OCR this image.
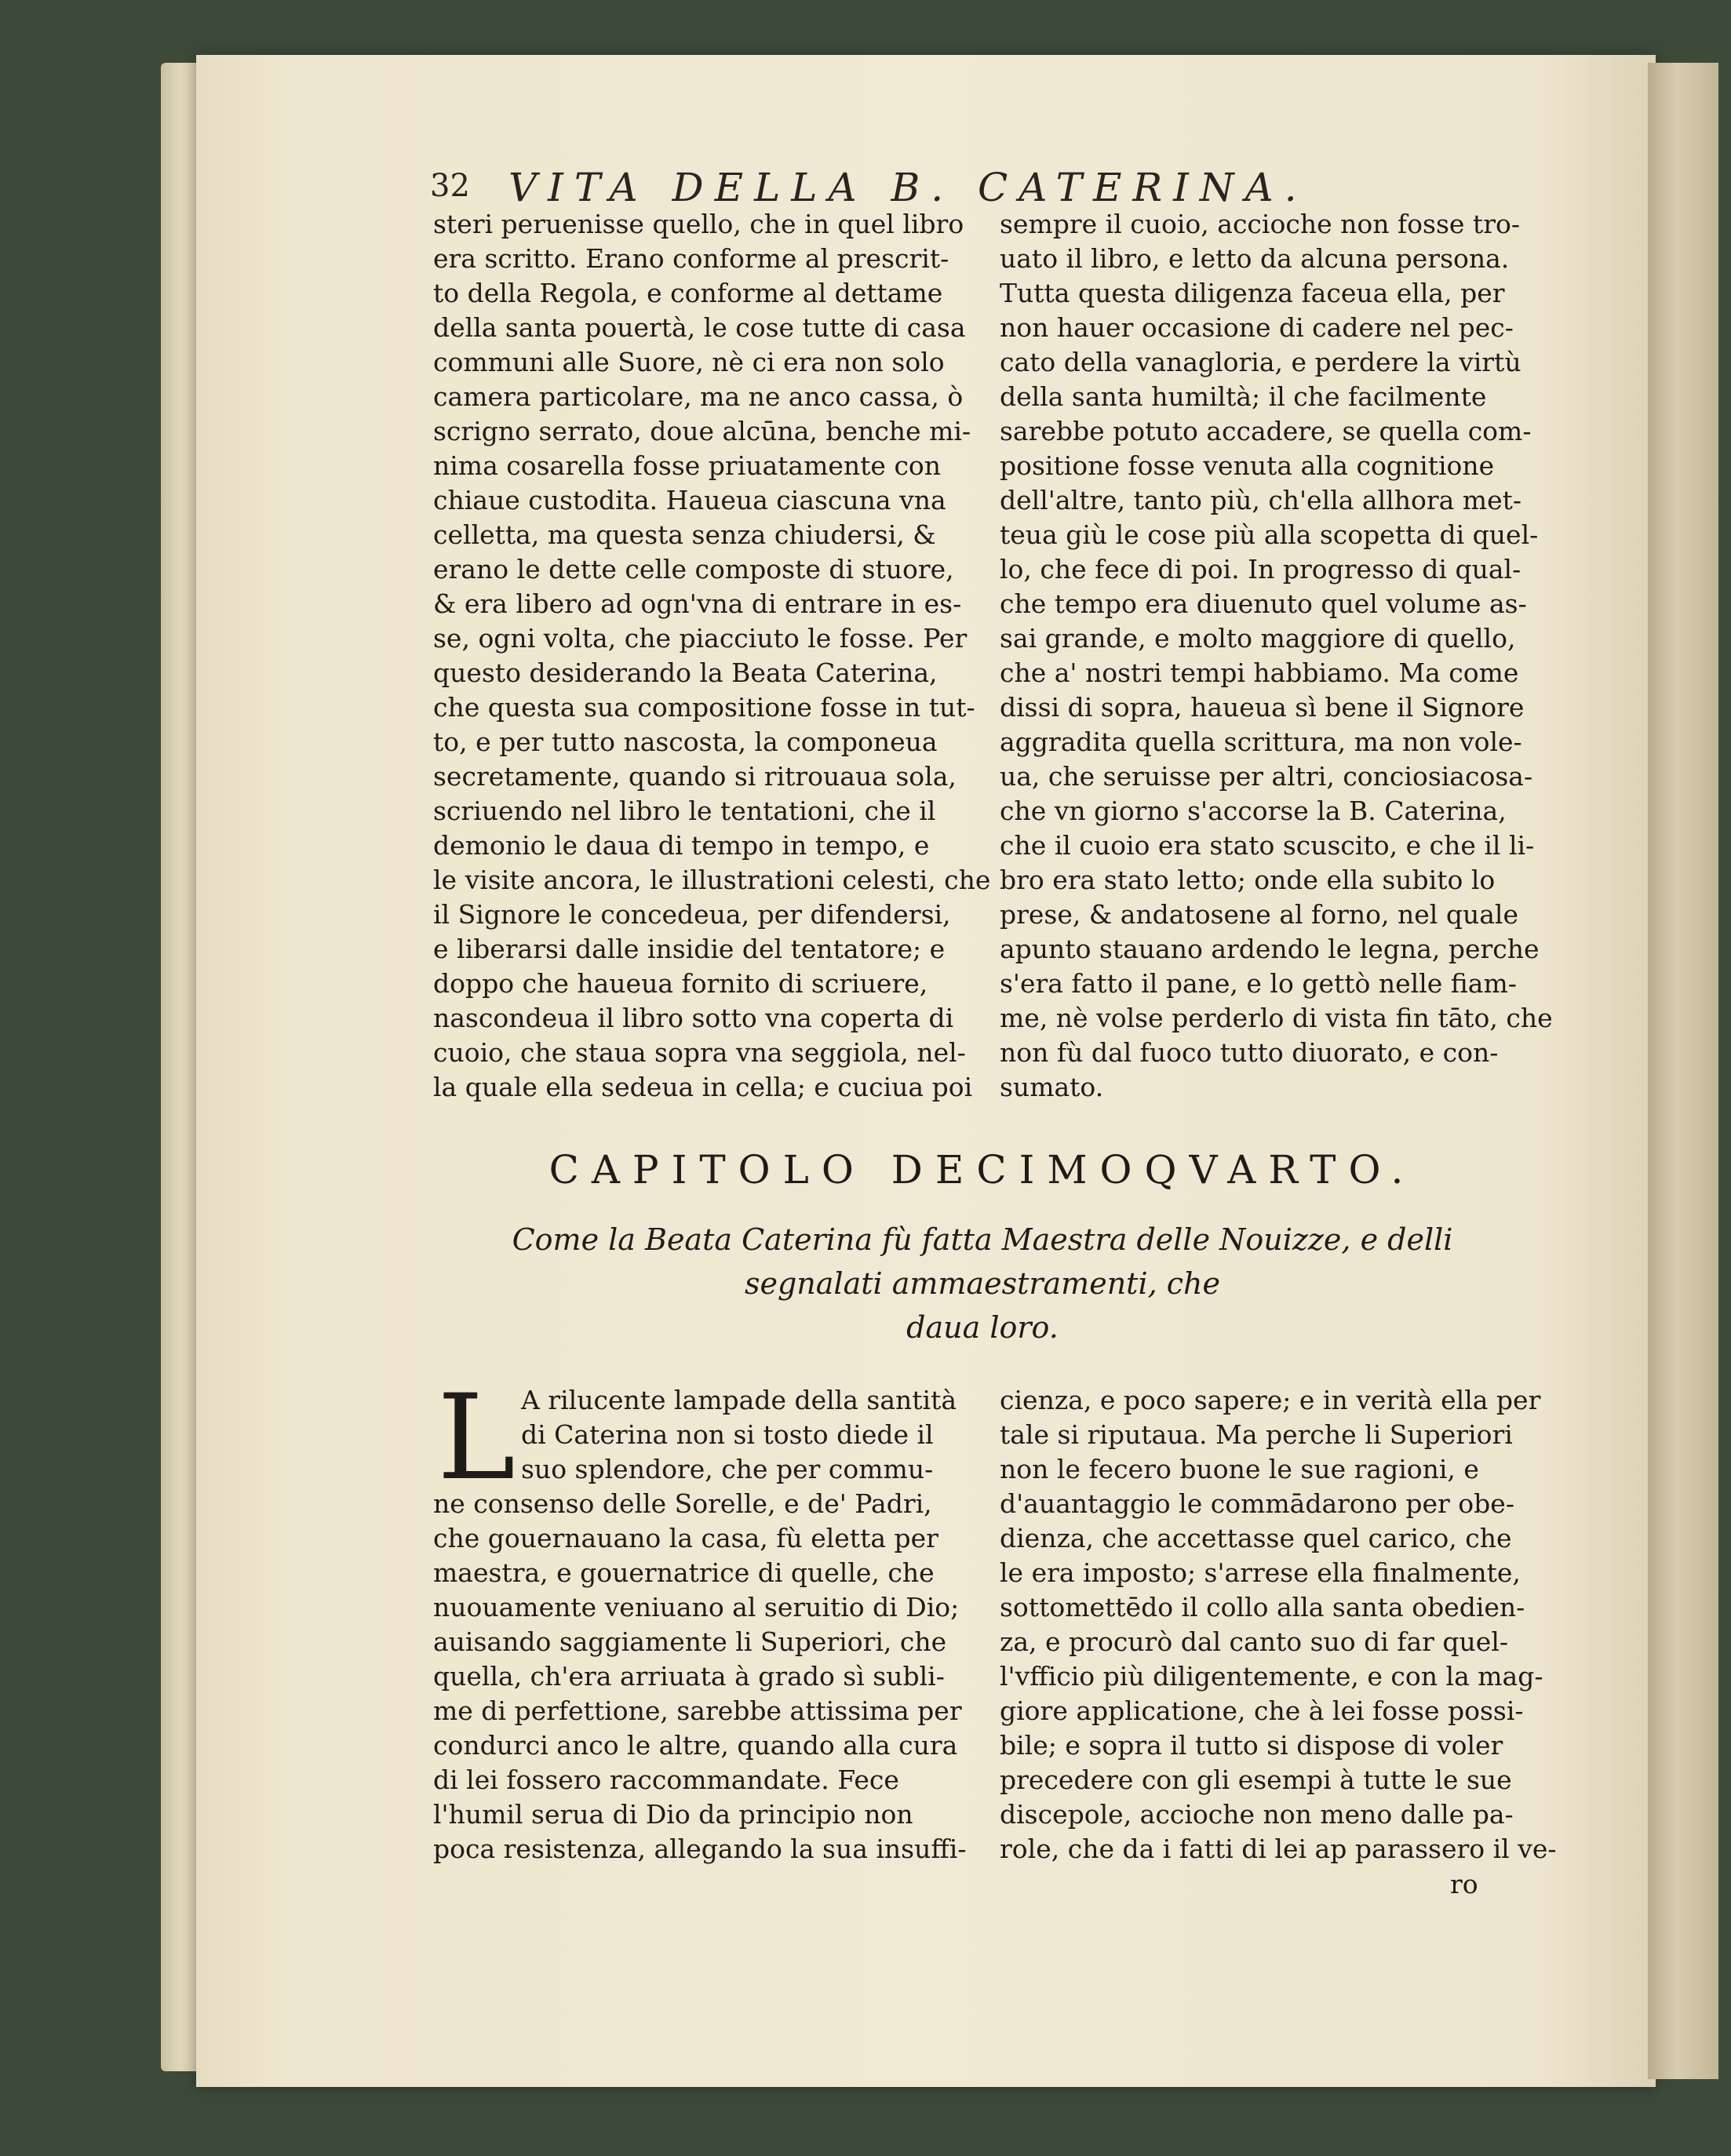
32 VITA DELLA B. CATERINA.
steri peruenisse quello, che in quel libro
era scritto. Erano conforme al prescrit-
to della Regola, e conforme al dettame
della santa pouertà, le cose tutte di casa
communi alle Suore, nè ci era non solo
camera particolare, ma ne anco cassa, ò
scrigno serrato, doue alcūna, benche mi-
nima cosarella fosse priuatamente con
chiaue custodita. Haueua ciascuna vna
celletta, ma questa senza chiudersi, &
erano le dette celle composte di stuore,
& era libero ad ogn'vna di entrare in es-
se, ogni volta, che piacciuto le fosse. Per
questo desiderando la Beata Caterina,
che questa sua compositione fosse in tut-
to, e per tutto nascosta, la componeua
secretamente, quando si ritrouaua sola,
scriuendo nel libro le tentationi, che il
demonio le daua di tempo in tempo, e
le visite ancora, le illustrationi celesti, che
il Signore le concedeua, per difendersi,
e liberarsi dalle insidie del tentatore; e
doppo che haueua fornito di scriuere,
nascondeua il libro sotto vna coperta di
cuoio, che staua sopra vna seggiola, nel-
la quale ella sedeua in cella; e cuciua poi
sempre il cuoio, accioche non fosse tro-
uato il libro, e letto da alcuna persona.
Tutta questa diligenza faceua ella, per
non hauer occasione di cadere nel pec-
cato della vanagloria, e perdere la virtù
della santa humiltà; il che facilmente
sarebbe potuto accadere, se quella com-
positione fosse venuta alla cognitione
dell'altre, tanto più, ch'ella allhora met-
teua giù le cose più alla scopetta di quel-
lo, che fece di poi. In progresso di qual-
che tempo era diuenuto quel volume as-
sai grande, e molto maggiore di quello,
che a' nostri tempi habbiamo. Ma come
dissi di sopra, haueua sì bene il Signore
aggradita quella scrittura, ma non vole-
ua, che seruisse per altri, conciosiacosa-
che vn giorno s'accorse la B. Caterina,
che il cuoio era stato scuscito, e che il li-
bro era stato letto; onde ella subito lo
prese, & andatosene al forno, nel quale
apunto stauano ardendo le legna, perche
s'era fatto il pane, e lo gettò nelle fiam-
me, nè volse perderlo di vista fin tāto, che
non fù dal fuoco tutto diuorato, e con-
sumato.
CAPITOLO DECIMOQVARTO.
Come la Beata Caterina fù fatta Maestra delle Nouizze, e delli
segnalati ammaestramenti, che
daua loro.
L A rilucente lampade della santità
di Caterina non si tosto diede il
suo splendore, che per commu-
ne consenso delle Sorelle, e de' Padri,
che gouernauano la casa, fù eletta per
maestra, e gouernatrice di quelle, che
nuouamente veniuano al seruitio di Dio;
auisando saggiamente li Superiori, che
quella, ch'era arriuata à grado sì subli-
me di perfettione, sarebbe attissima per
condurci anco le altre, quando alla cura
di lei fossero raccommandate. Fece
l'humil serua di Dio da principio non
poca resistenza, allegando la sua insuffi-
cienza, e poco sapere; e in verità ella per
tale si riputaua. Ma perche li Superiori
non le fecero buone le sue ragioni, e
d'auantaggio le commādarono per obe-
dienza, che accettasse quel carico, che
le era imposto; s'arrese ella finalmente,
sottomettēdo il collo alla santa obedien-
za, e procurò dal canto suo di far quel-
l'vfficio più diligentemente, e con la mag-
giore applicatione, che à lei fosse possi-
bile; e sopra il tutto si dispose di voler
precedere con gli esempi à tutte le sue
discepole, accioche non meno dalle pa-
role, che da i fatti di lei ap parassero il ve-
ro
